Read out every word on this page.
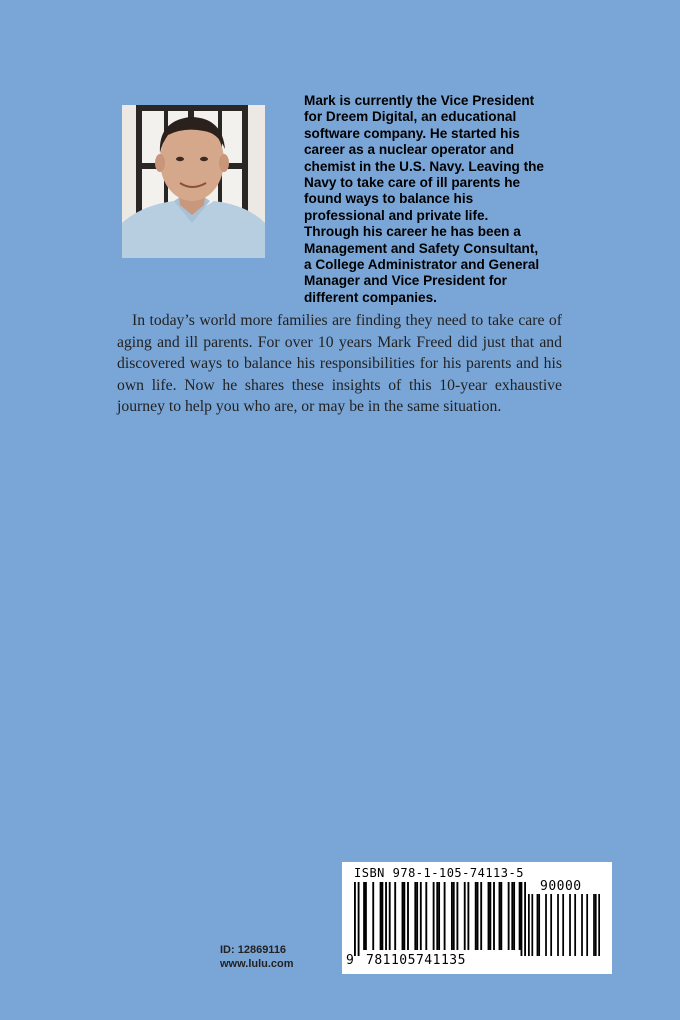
Mark is currently the Vice President
for Dreem Digital, an educational
software company. He started his
career as a nuclear operator and
chemist in the U.S. Navy. Leaving the
Navy to take care of ill parents he
found ways to balance his
professional and private life.
Through his career he has been a
Management and Safety Consultant,
a College Administrator and General
Manager and Vice President for
different companies.

In today’s world more families are finding they need to take care of aging and ill parents. For over 10 years Mark Freed did just that and discovered ways to balance his responsibilities for his parents and his own life. Now he shares these insights of this 10-year exhaustive journey to help you who are, or may be in the same situation.

ID: 12869116
www.lulu.com
ISBN 978-1-105-74113-5
90000
9 781105741135
